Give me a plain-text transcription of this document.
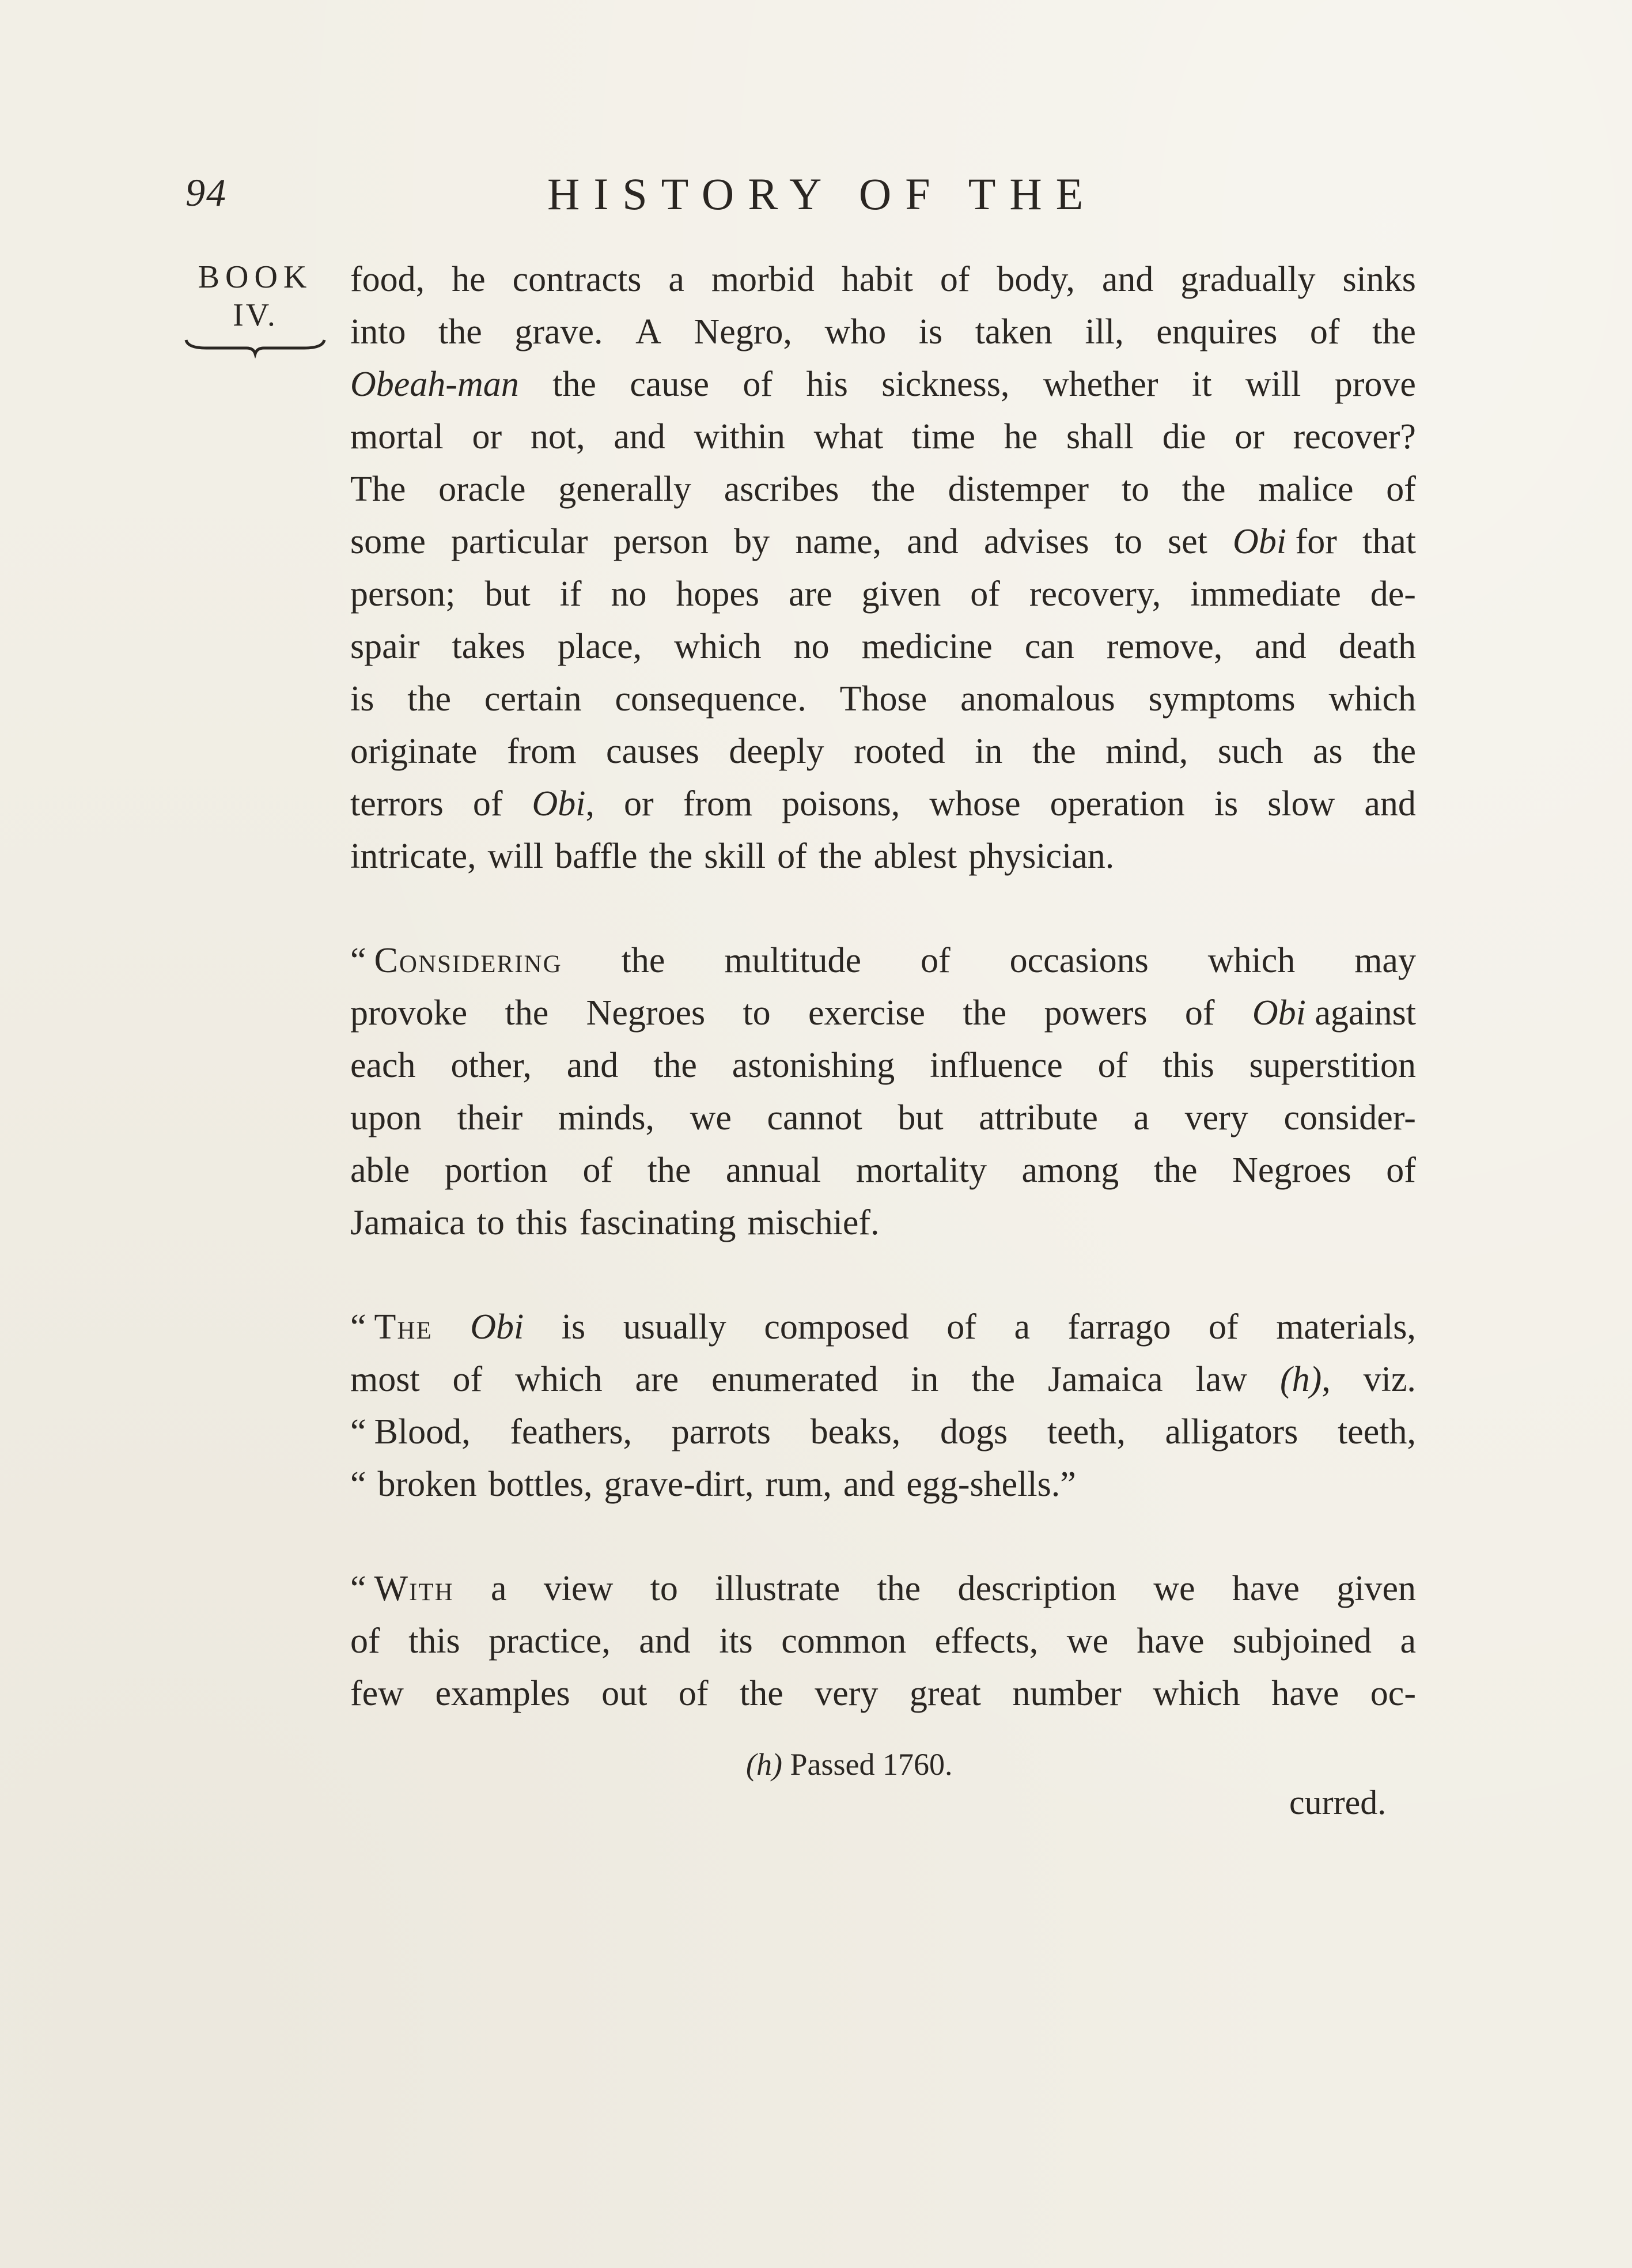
94	HISTORY OF THE
BOOK
IV.
food, he contracts a morbid habit of body, and gradually sinks
into the grave. A Negro, who is taken ill, enquires of the
Obeah-man the cause of his sickness, whether it will prove
mortal or not, and within what time he shall die or recover?
The oracle generally ascribes the distemper to the malice of
some particular person by name, and advises to set Obi for that
person; but if no hopes are given of recovery, immediate de-
spair takes place, which no medicine can remove, and death
is the certain consequence. Those anomalous symptoms which
originate from causes deeply rooted in the mind, such as the
terrors of Obi, or from poisons, whose operation is slow and
intricate, will baffle the skill of the ablest physician.
“ Considering the multitude of occasions which may
provoke the Negroes to exercise the powers of Obi against
each other, and the astonishing influence of this superstition
upon their minds, we cannot but attribute a very consider-
able portion of the annual mortality among the Negroes of
Jamaica to this fascinating mischief.
“ The Obi is usually composed of a farrago of materials,
most of which are enumerated in the Jamaica law (h), viz.
“ Blood, feathers, parrots beaks, dogs teeth, alligators teeth,
“ broken bottles, grave-dirt, rum, and egg-shells.”
“ With a view to illustrate the description we have given
of this practice, and its common effects, we have subjoined a
few examples out of the very great number which have oc-
(h) Passed 1760.
curred.
